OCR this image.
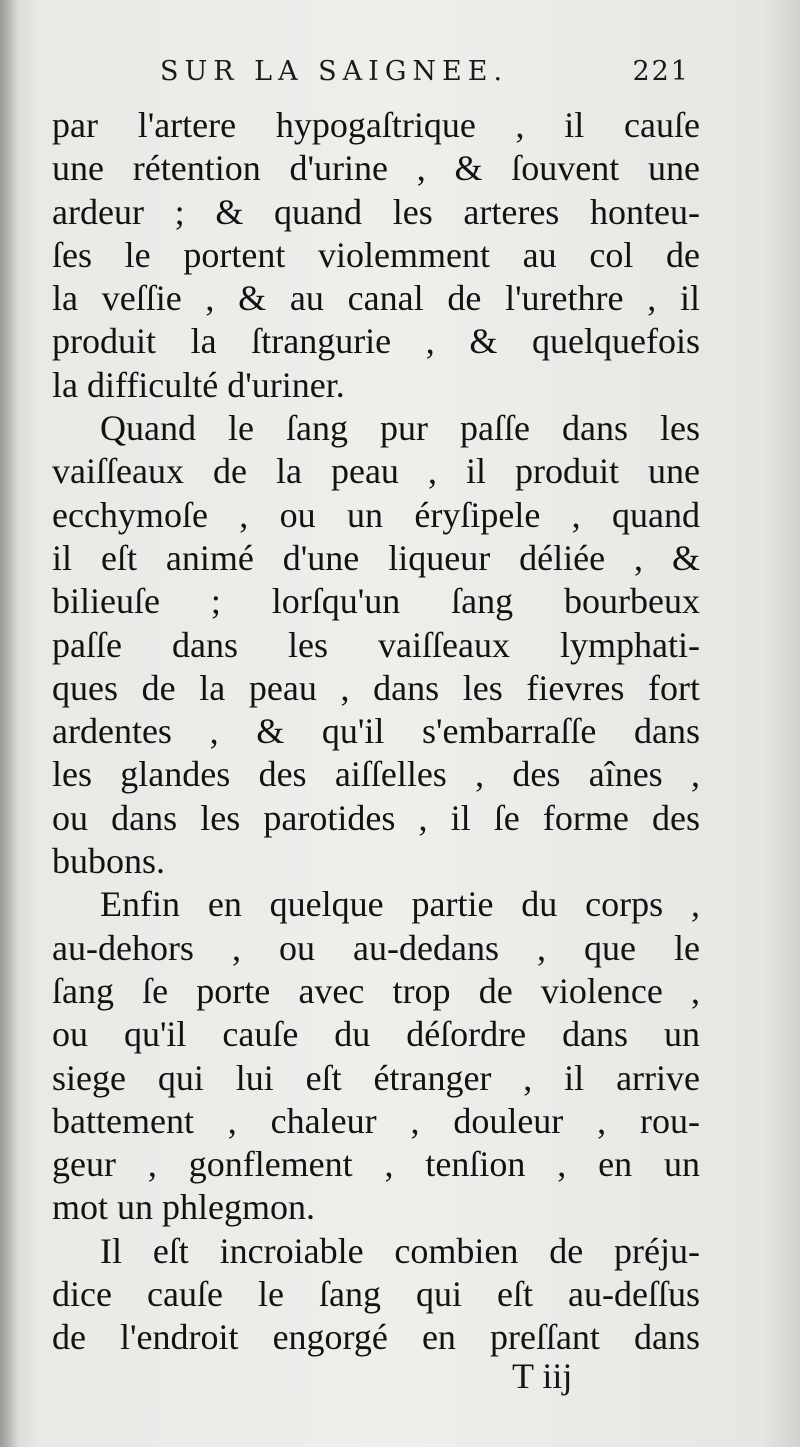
SUR LA SAIGNEE.	221
par l'artere hypogaſtrique , il cauſe
une rétention d'urine , & ſouvent une
ardeur ; & quand les arteres honteu-
ſes le portent violemment au col de
la veſſie , & au canal de l'urethre , il
produit la ſtrangurie , & quelquefois
la difficulté d'uriner.
Quand le ſang pur paſſe dans les
vaiſſeaux de la peau , il produit une
ecchymoſe , ou un éryſipele , quand
il eſt animé d'une liqueur déliée , &
bilieuſe ; lorſqu'un ſang bourbeux
paſſe dans les vaiſſeaux lymphati-
ques de la peau , dans les fievres fort
ardentes , & qu'il s'embarraſſe dans
les glandes des aiſſelles , des aînes ,
ou dans les parotides , il ſe forme des
bubons.
Enfin en quelque partie du corps ,
au-dehors , ou au-dedans , que le
ſang ſe porte avec trop de violence ,
ou qu'il cauſe du déſordre dans un
siege qui lui eſt étranger , il arrive
battement , chaleur , douleur , rou-
geur , gonflement , tenſion , en un
mot un phlegmon.
Il eſt incroiable combien de préju-
dice cauſe le ſang qui eſt au-deſſus
de l'endroit engorgé en preſſant dans
T iij
